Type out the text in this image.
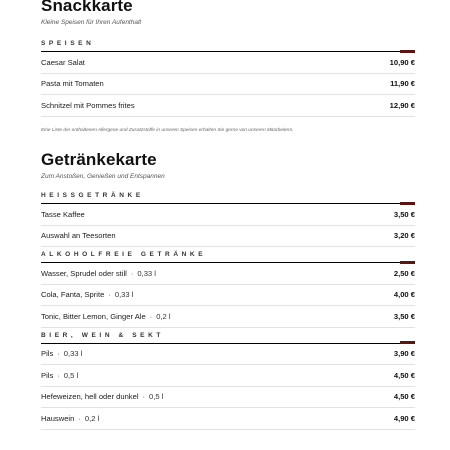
Snackkarte
Kleine Speisen für Ihren Aufenthalt
SPEISEN
Caesar Salat	10,90 €
Pasta mit Tomaten	11,90 €
Schnitzel mit Pommes frites	12,90 €
Eine Liste der enthaltenen Allergene und Zusatzstoffe in unseren Speisen erhalten Sie gerne von unseren Mitarbeitern.
Getränkekarte
Zum Anstoßen, Genießen und Entspannen
HEISSGETRÄNKE
Tasse Kaffee	3,50 €
Auswahl an Teesorten	3,20 €
ALKOHOLFREIE GETRÄNKE
Wasser, Sprudel oder still · 0,33 l	2,50 €
Cola, Fanta, Sprite · 0,33 l	4,00 €
Tonic, Bitter Lemon, Ginger Ale · 0,2 l	3,50 €
BIER, WEIN & SEKT
Pils · 0,33 l	3,90 €
Pils · 0,5 l	4,50 €
Hefeweizen, hell oder dunkel · 0,5 l	4,50 €
Hauswein · 0,2 l	4,90 €
